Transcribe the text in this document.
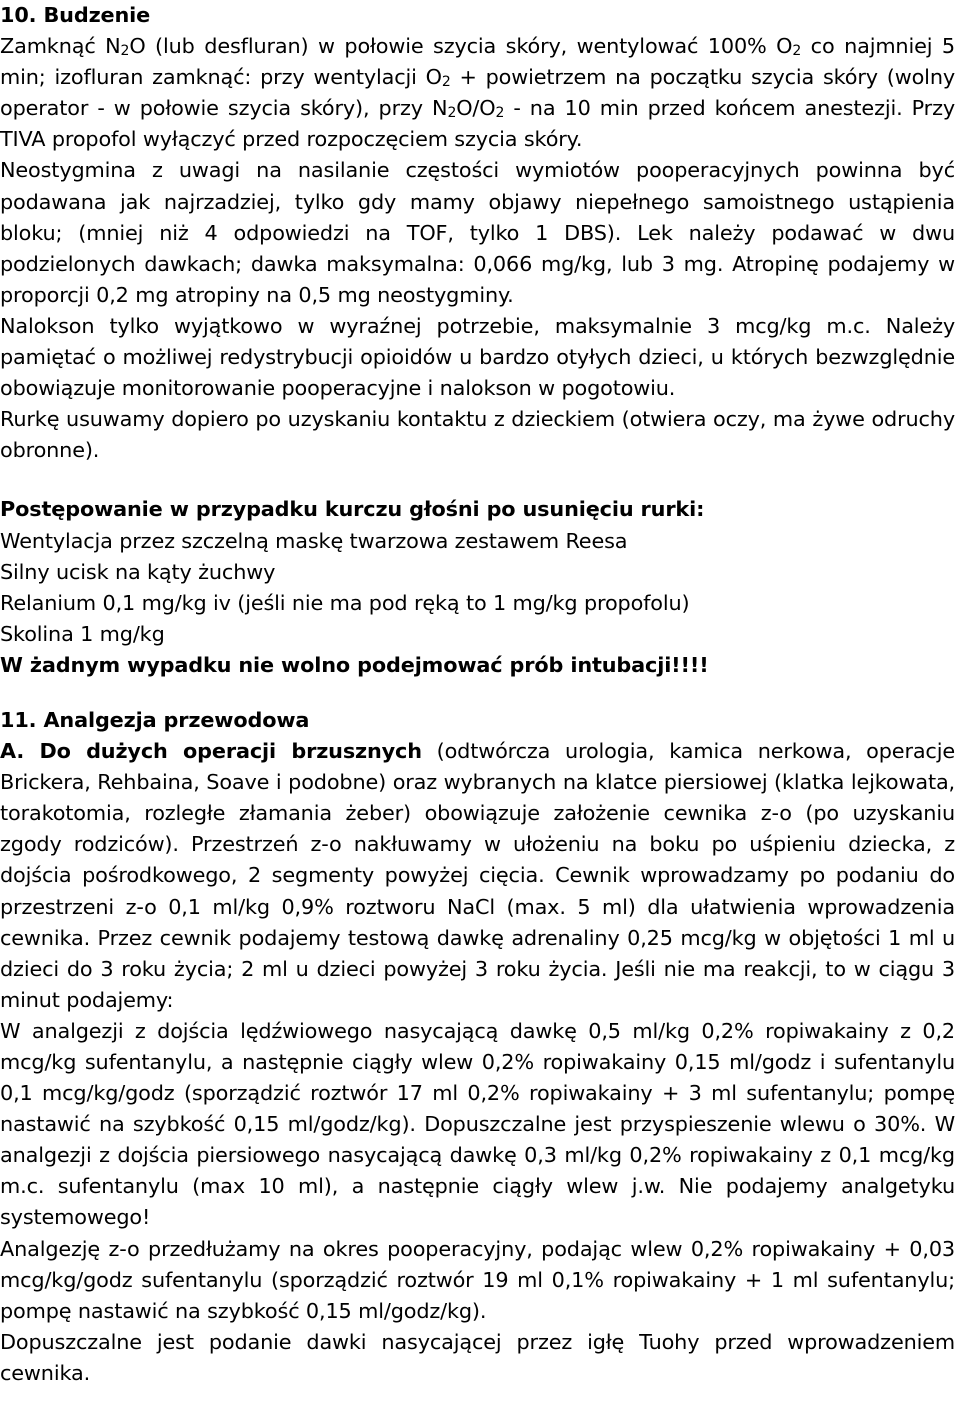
10. Budzenie

Zamknąć $N_2O$ (lub desfluran) w połowie szycia skóry, wentylować 100% $O_2$ co najmniej 5 min; izofluran zamknąć: przy wentylacji $O_2$ + powietrzem na początku szycia skóry (wolny operator - w połowie szycia skóry), przy $N_2O/O_2$ - na 10 min przed końcem anestezji. Przy TIVA propofol wyłączyć przed rozpoczęciem szycia skóry.

Neostygmina z uwagi na nasilanie częstości wymiotów pooperacyjnych powinna być podawana jak najrzadziej, tylko gdy mamy objawy niepełnego samoistnego ustąpienia bloku; (mniej niż 4 odpowiedzi na TOF, tylko 1 DBS). Lek należy podawać w dwu podzielonych dawkach; dawka maksymalna: 0,066 mg/kg, lub 3 mg. Atropinę podajemy w proporcji 0,2 mg atropiny na 0,5 mg neostygminy.

Nalokson tylko wyjątkowo w wyraźnej potrzebie, maksymalnie 3 mcg/kg m.c. Należy pamiętać o możliwej redystrybucji opioidów u bardzo otyłych dzieci, u których bezwzględnie obowiązuje monitorowanie pooperacyjne i nalokson w pogotowiu.

Rurkę usuwamy dopiero po uzyskaniu kontaktu z dzieckiem (otwiera oczy, ma żywe odruchy obronne).

Postępowanie w przypadku kurczu głośni po usunięciu rurki:

Wentylacja przez szczelną maskę twarzowa zestawem Reesa

Silny ucisk na kąty żuchwy

Relanium 0,1 mg/kg iv (jeśli nie ma pod ręką to 1 mg/kg propofolu)

Skolina 1 mg/kg

W żadnym wypadku nie wolno podejmować prób intubacji!!!!

11. Analgezja przewodowa

A. Do dużych operacji brzusznych (odtwórcza urologia, kamica nerkowa, operacje Brickera, Rehbaina, Soave i podobne) oraz wybranych na klatce piersiowej (klatka lejkowata, torakotomia, rozległe złamania żeber) obowiązuje założenie cewnika z-o (po uzyskaniu zgody rodziców). Przestrzeń z-o nakłuwamy w ułożeniu na boku po uśpieniu dziecka, z dojścia pośrodkowego, 2 segmenty powyżej cięcia. Cewnik wprowadzamy po podaniu do przestrzeni z-o 0,1 ml/kg 0,9% roztworu NaCl (max. 5 ml) dla ułatwienia wprowadzenia cewnika. Przez cewnik podajemy testową dawkę adrenaliny 0,25 mcg/kg w objętości 1 ml u dzieci do 3 roku życia; 2 ml u dzieci powyżej 3 roku życia. Jeśli nie ma reakcji, to w ciągu 3 minut podajemy:

W analgezji z dojścia lędźwiowego nasycającą dawkę 0,5 ml/kg 0,2% ropiwakainy z 0,2 mcg/kg sufentanylu, a następnie ciągły wlew 0,2% ropiwakainy 0,15 ml/godz i sufentanylu 0,1 mcg/kg/godz (sporządzić roztwór 17 ml 0,2% ropiwakainy + 3 ml sufentanylu; pompę nastawić na szybkość 0,15 ml/godz/kg). Dopuszczalne jest przyspieszenie wlewu o 30%. W analgezji z dojścia piersiowego nasycającą dawkę 0,3 ml/kg 0,2% ropiwakainy z 0,1 mcg/kg m.c. sufentanylu (max 10 ml), a następnie ciągły wlew j.w. Nie podajemy analgetyku systemowego!

Analgezję z-o przedłużamy na okres pooperacyjny, podając wlew 0,2% ropiwakainy + 0,03 mcg/kg/godz sufentanylu (sporządzić roztwór 19 ml 0,1% ropiwakainy + 1 ml sufentanylu; pompę nastawić na szybkość 0,15 ml/godz/kg).

Dopuszczalne jest podanie dawki nasycającej przez igłę Tuohy przed wprowadzeniem cewnika.
